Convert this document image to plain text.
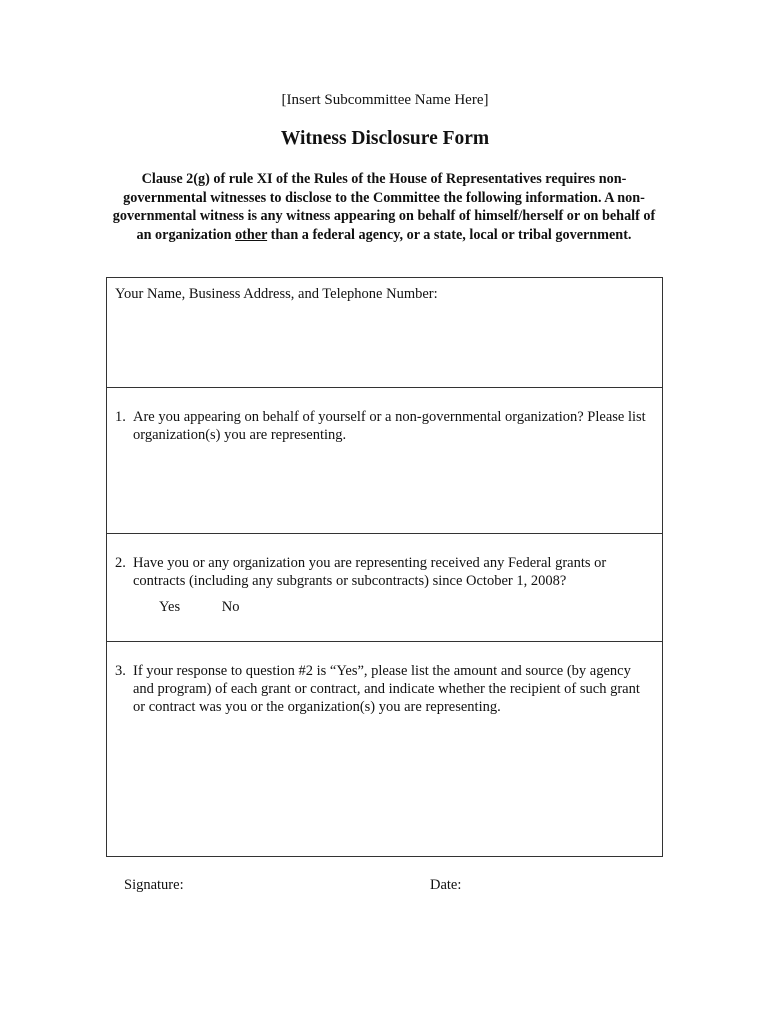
[Insert Subcommittee Name Here]
Witness Disclosure Form

Clause 2(g) of rule XI of the Rules of the House of Representatives requires non-governmental witnesses to disclose to the Committee the following information. A non-governmental witness is any witness appearing on behalf of himself/herself or on behalf of an organization other than a federal agency, or a state, local or tribal government.

Your Name, Business Address, and Telephone Number:
1. Are you appearing on behalf of yourself or a non-governmental organization? Please list organization(s) you are representing.
2. Have you or any organization you are representing received any Federal grants or contracts (including any subgrants or subcontracts) since October 1, 2008?
Yes	No
3. If your response to question #2 is “Yes”, please list the amount and source (by agency and program) of each grant or contract, and indicate whether the recipient of such grant or contract was you or the organization(s) you are representing.
Signature:	Date:
